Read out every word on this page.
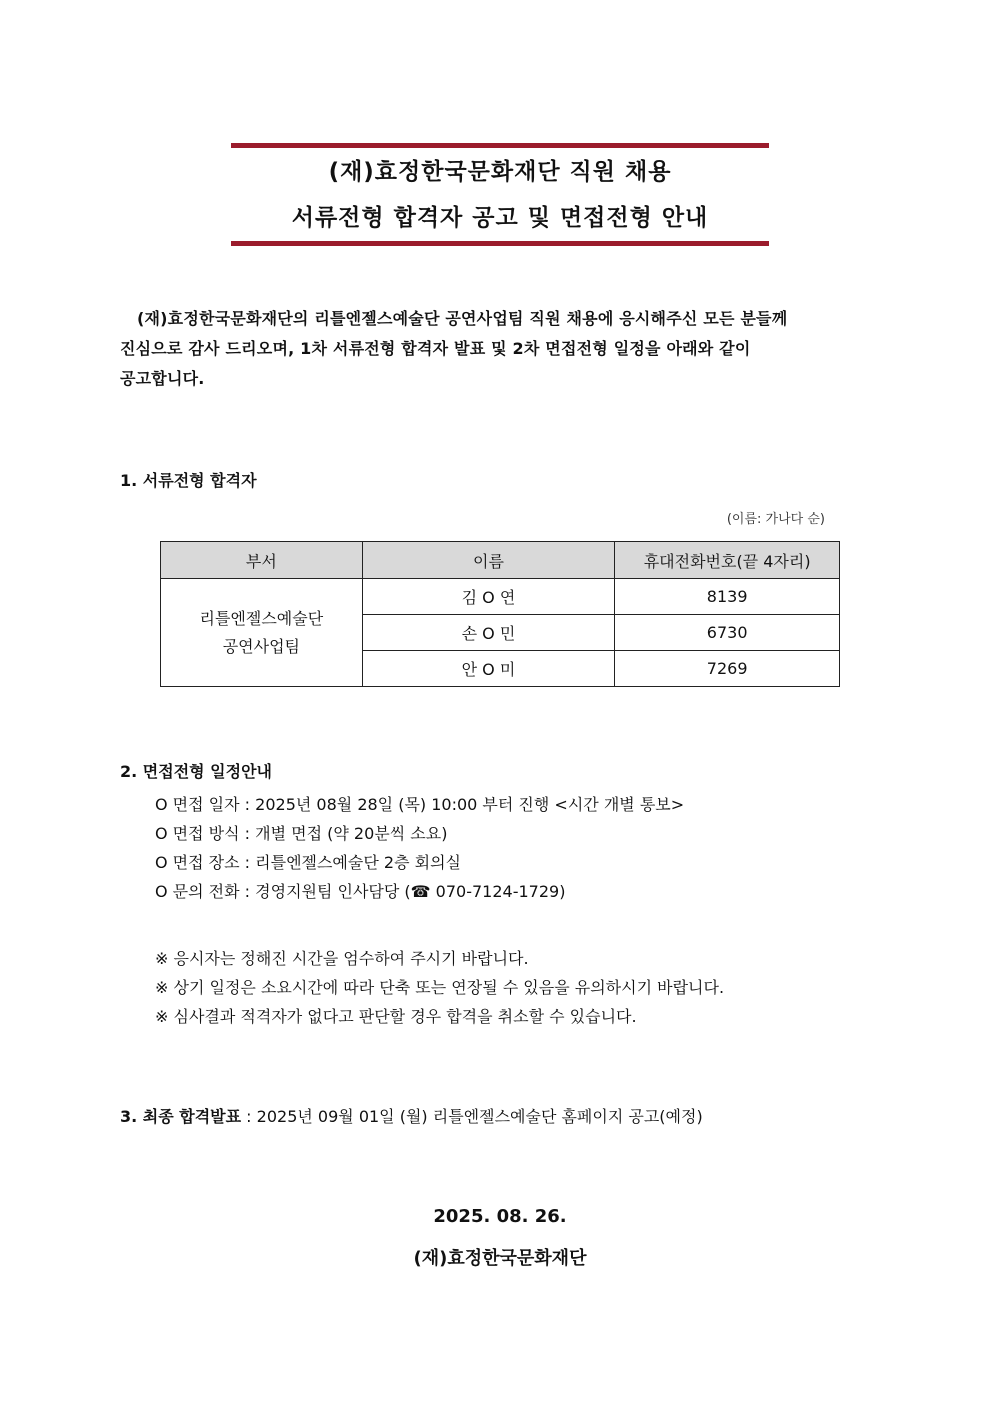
(재)효정한국문화재단 직원 채용
서류전형 합격자 공고 및 면접전형 안내

(재)효정한국문화재단의 리틀엔젤스예술단 공연사업팀 직원 채용에 응시해주신 모든 분들께

진심으로 감사 드리오며, 1차 서류전형 합격자 발표 및 2차 면접전형 일정을 아래와 같이

공고합니다.

1. 서류전형 합격자
(이름: 가나다 순)
부서	이름	휴대전화번호(끝 4자리)

리틀엔젤스예술단
공연사업팀	김 O 연	8139
	손 O 민	6730
	안 O 미	7269
2. 면접전형 일정안내
O 면접 일자 : 2025년 08월 28일 (목) 10:00 부터 진행 <시간 개별 통보>
O 면접 방식 : 개별 면접 (약 20분씩 소요)
O 면접 장소 : 리틀엔젤스예술단 2층 회의실
O 문의 전화 : 경영지원팀 인사담당 (☎ 070-7124-1729)
※ 응시자는 정해진 시간을 엄수하여 주시기 바랍니다.
※ 상기 일정은 소요시간에 따라 단축 또는 연장될 수 있음을 유의하시기 바랍니다.
※ 심사결과 적격자가 없다고 판단할 경우 합격을 취소할 수 있습니다.
3. 최종 합격발표 : 2025년 09월 01일 (월) 리틀엔젤스예술단 홈페이지 공고(예정)
2025. 08. 26.
(재)효정한국문화재단
